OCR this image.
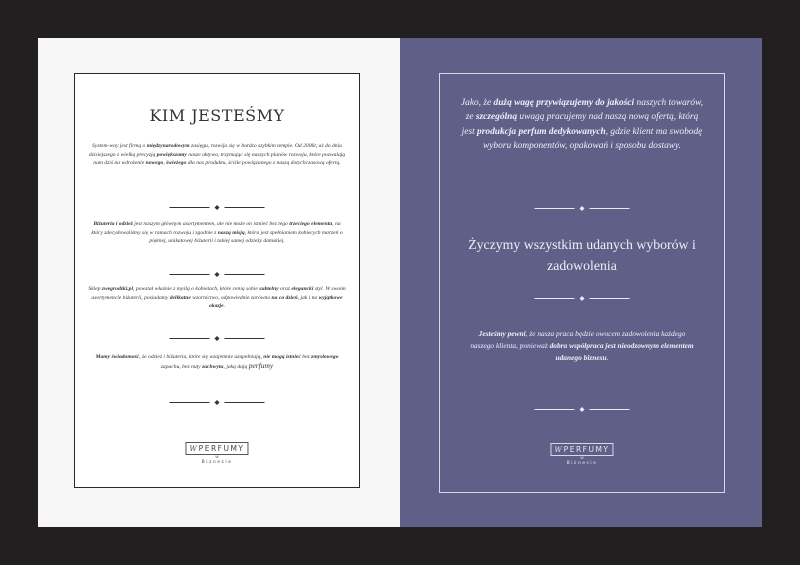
KIM JESTEŚMY
System-way jest firmą o międzynarodowym zasięgu, rozwija się w bardzo szybkim tempie. Od 2006r, aż do dnia dzisiejszego z wielką precyzją powiększamy nasze aktywa, trzymając się naszych planów rozwoju, które pozwalają nam dziś na wdrożenie nowego, świeżego dla nas produktu, ściśle powiązanego z naszą dotychczasową ofertą.
Biżuteria i odzież jest naszym głównym asortymentem, ale nie może on istnieć bez tego trzeciego elementu, na który zdecydowaliśmy się w ramach rozwoju i zgodnie z naszą misją, która jest spełnianiem kobiecych marzeń o pięknej, unikatowej biżuterii i takiej samej odzieży damskiej.
Sklep zwegrodzki.pl, powstał właśnie z myślą o kobietach, które cenią sobie subtelny oraz elegancki styl. W swoim asortymencie biżuterii, posiadamy delikatne wzornictwo, odpowiednie zarówno na co dzień, jak i na wyjątkowe okazje.
Mamy świadomość, że odzież i biżuteria, które się wzajemnie uzupełniają, nie mogą istnieć bez zmysłowego zapachu, bez nuty zachwytu, jaką dają perfumy
W PERFUMY
W
Biznesie
Jako, że dużą wagę przywiązujemy do jakości naszych towarów, ze szczególną uwagą pracujemy nad naszą nową ofertą, którą jest produkcja perfum dedykowanych, gdzie klient ma swobodę wyboru komponentów, opakowań i sposobu dostawy.
Życzymy wszystkim udanych wyborów i zadowolenia
Jesteśmy pewni, że nasza praca będzie owocem zadowolenia każdego naszego klienta, ponieważ dobra współpraca jest nieodzownym elementem udanego biznesu.
W PERFUMY
W
Biznesie
